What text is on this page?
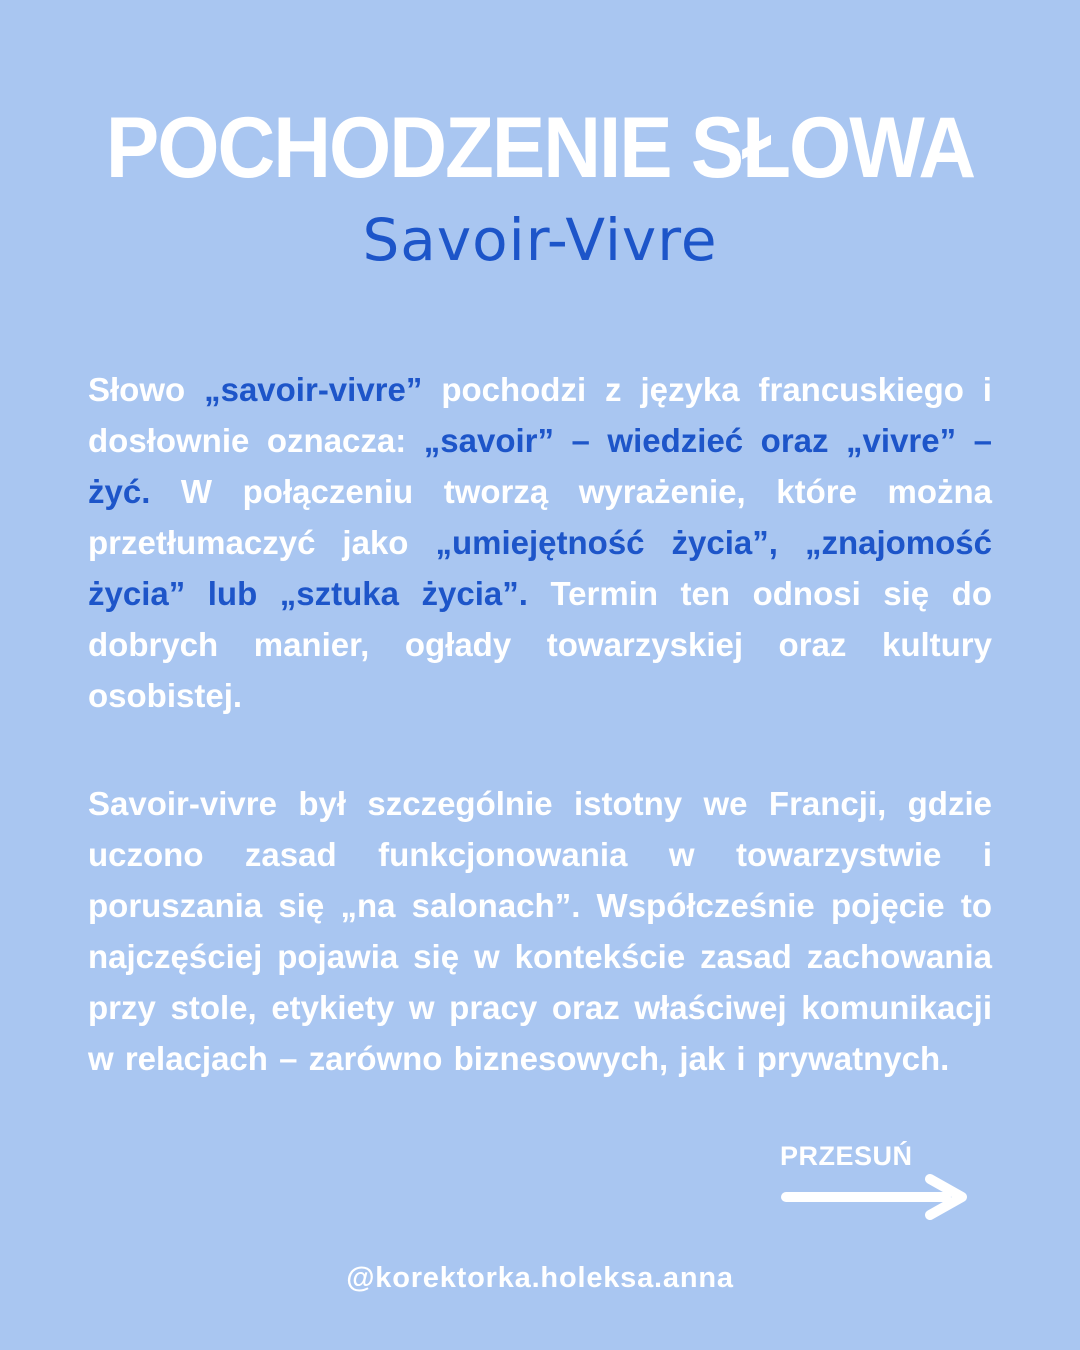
POCHODZENIE SŁOWA
Savoir-Vivre

Słowo „savoir-vivre” pochodzi z języka francuskiego i dosłownie oznacza: „savoir” – wiedzieć oraz „vivre” – żyć. W połączeniu tworzą wyrażenie, które można przetłumaczyć jako „umiejętność życia”, „znajomość życia” lub „sztuka życia”. Termin ten odnosi się do dobrych manier, ogłady towarzyskiej oraz kultury osobistej.

Savoir-vivre był szczególnie istotny we Francji, gdzie uczono zasad funkcjonowania w towarzystwie i poruszania się „na salonach”. Współcześnie pojęcie to najczęściej pojawia się w kontekście zasad zachowania przy stole, etykiety w pracy oraz właściwej komunikacji w relacjach – zarówno biznesowych, jak i prywatnych.

PRZESUŃ
@korektorka.holeksa.anna
